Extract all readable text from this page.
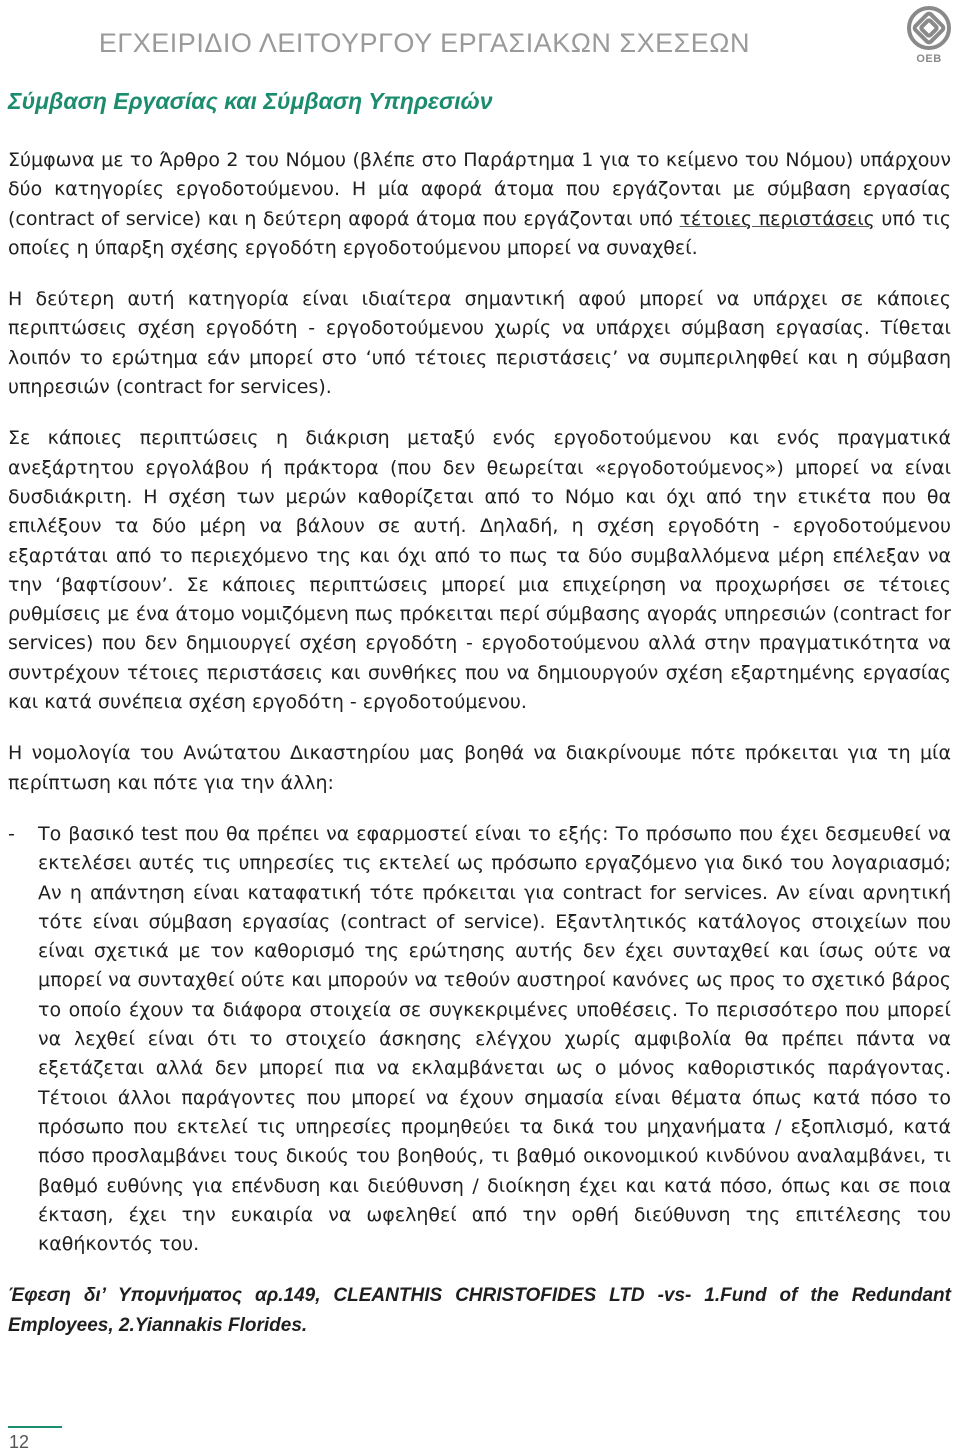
ΕΓΧΕΙΡΙΔΙΟ ΛΕΙΤΟΥΡΓΟΥ ΕΡΓΑΣΙΑΚΩΝ ΣΧΕΣΕΩΝ
OEB
Σύμβαση Εργασίας και Σύμβαση Υπηρεσιών

Σύμφωνα με το Άρθρο 2 του Νόμου (βλέπε στο Παράρτημα 1 για το κείμενο του Νόμου) υπάρχουν δύο κατηγορίες εργοδοτούμενου. Η μία αφορά άτομα που εργάζονται με σύμβαση εργασίας (contract of service) και η δεύτερη αφορά άτομα που εργάζονται υπό τέτοιες περιστάσεις υπό τις οποίες η ύπαρξη σχέσης εργοδότη εργοδοτούμενου μπορεί να συναχθεί.

Η δεύτερη αυτή κατηγορία είναι ιδιαίτερα σημαντική αφού μπορεί να υπάρχει σε κάποιες περιπτώσεις σχέση εργοδότη - εργοδοτούμενου χωρίς να υπάρχει σύμβαση εργασίας. Τίθεται λοιπόν το ερώτημα εάν μπορεί στο ‘υπό τέτοιες περιστάσεις’ να συμπεριληφθεί και η σύμβαση υπηρεσιών (contract for services).

Σε κάποιες περιπτώσεις η διάκριση μεταξύ ενός εργοδοτούμενου και ενός πραγματικά ανεξάρτητου εργολάβου ή πράκτορα (που δεν θεωρείται «εργοδοτούμενος») μπορεί να είναι δυσδιάκριτη. Η σχέση των μερών καθορίζεται από το Νόμο και όχι από την ετικέτα που θα επιλέξουν τα δύο μέρη να βάλουν σε αυτή. Δηλαδή, η σχέση εργοδότη - εργοδοτούμενου εξαρτάται από το περιεχόμενο της και όχι από το πως τα δύο συμβαλλόμενα μέρη επέλεξαν να την ‘βαφτίσουν’. Σε κάποιες περιπτώσεις μπορεί μια επιχείρηση να προχωρήσει σε τέτοιες ρυθμίσεις με ένα άτομο νομιζόμενη πως πρόκειται περί σύμβασης αγοράς υπηρεσιών (contract for services) που δεν δημιουργεί σχέση εργοδότη - εργοδοτούμενου αλλά στην πραγματικότητα να συντρέχουν τέτοιες περιστάσεις και συνθήκες που να δημιουργούν σχέση εξαρτημένης εργασίας και κατά συνέπεια σχέση εργοδότη - εργοδοτούμενου.

Η νομολογία του Ανώτατου Δικαστηρίου μας βοηθά να διακρίνουμε πότε πρόκειται για τη μία περίπτωση και πότε για την άλλη:

-	Το βασικό test που θα πρέπει να εφαρμοστεί είναι το εξής: Το πρόσωπο που έχει δεσμευθεί να εκτελέσει αυτές τις υπηρεσίες τις εκτελεί ως πρόσωπο εργαζόμενο για δικό του λογαριασμό; Αν η απάντηση είναι καταφατική τότε πρόκειται για contract for services. Αν είναι αρνητική τότε είναι σύμβαση εργασίας (contract of service). Εξαντλητικός κατάλογος στοιχείων που είναι σχετικά με τον καθορισμό της ερώτησης αυτής δεν έχει συνταχθεί και ίσως ούτε να μπορεί να συνταχθεί ούτε και μπορούν να τεθούν αυστηροί κανόνες ως προς το σχετικό βάρος το οποίο έχουν τα διάφορα στοιχεία σε συγκεκριμένες υποθέσεις. Το περισσότερο που μπορεί να λεχθεί είναι ότι το στοιχείο άσκησης ελέγχου χωρίς αμφιβολία θα πρέπει πάντα να εξετάζεται αλλά δεν μπορεί πια να εκλαμβάνεται ως ο μόνος καθοριστικός παράγοντας. Τέτοιοι άλλοι παράγοντες που μπορεί να έχουν σημασία είναι θέματα όπως κατά πόσο το πρόσωπο που εκτελεί τις υπηρεσίες προμηθεύει τα δικά του μηχανήματα / εξοπλισμό, κατά πόσο προσλαμβάνει τους δικούς του βοηθούς, τι βαθμό οικονομικού κινδύνου αναλαμβάνει, τι βαθμό ευθύνης για επένδυση και διεύθυνση / διοίκηση έχει και κατά πόσο, όπως και σε ποια έκταση, έχει την ευκαιρία να ωφεληθεί από την ορθή διεύθυνση της επιτέλεσης του καθήκοντός του.

Έφεση δι’ Υπομνήματος αρ.149, CLEANTHIS CHRISTOFIDES LTD -vs- 1.Fund of the Redundant Employees, 2.Yiannakis Florides.

12
